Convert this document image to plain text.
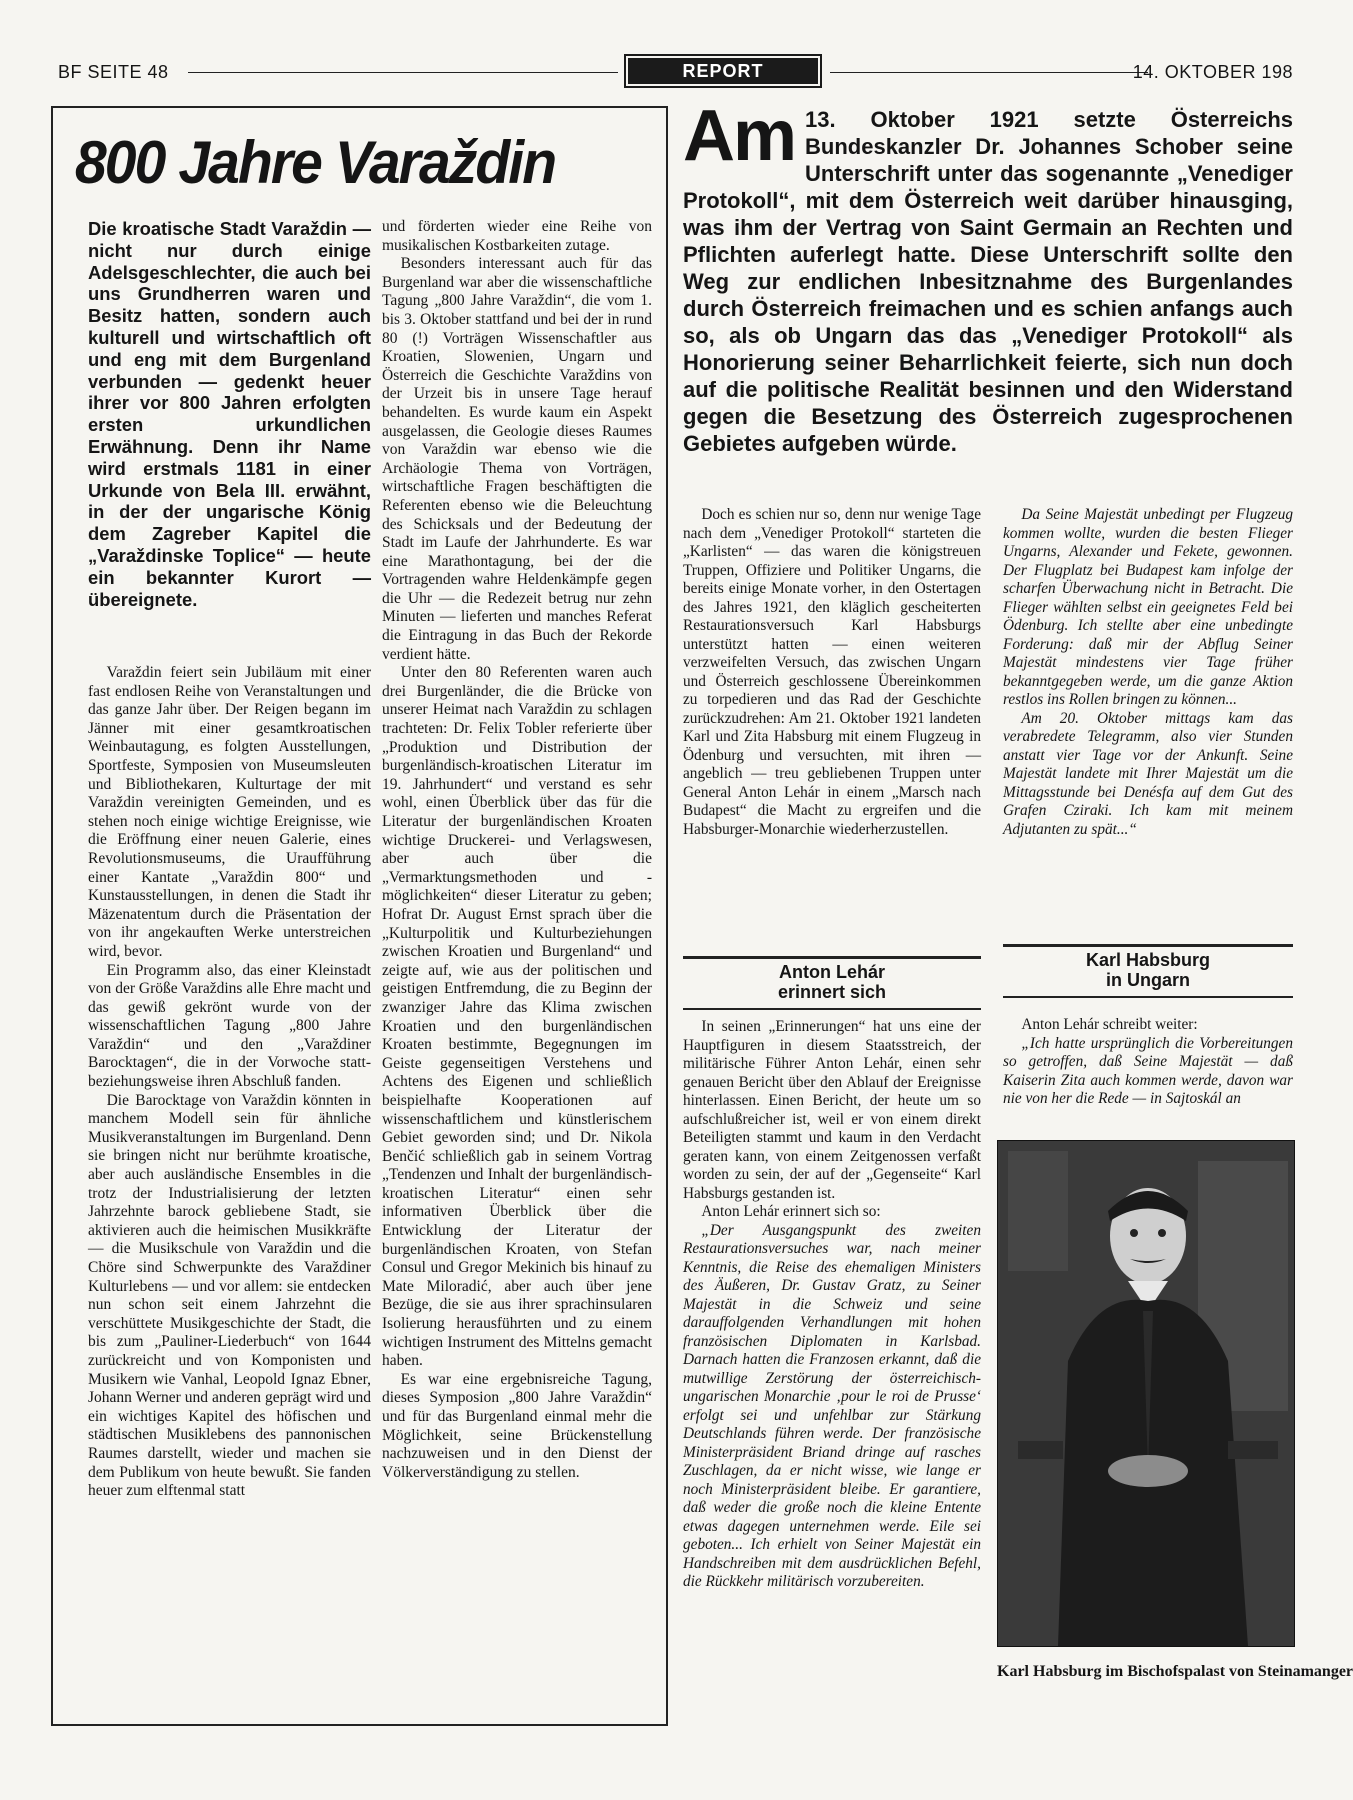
BF SEITE 48	REPORT	14. OKTOBER 198
800 Jahre Varaždin

Die kroatische Stadt Varaždin — nicht nur durch einige Adelsgeschlechter, die auch bei uns Grundherren waren und Besitz hatten, sondern auch kulturell und wirtschaftlich oft und eng mit dem Burgenland verbunden — gedenkt heuer ihrer vor 800 Jahren erfolgten ersten urkundlichen Erwähnung. Denn ihr Name wird erstmals 1181 in einer Urkunde von Bela III. erwähnt, in der der ungarische König dem Zagreber Kapitel die „Varaždinske Toplice“ — heute ein bekannter Kurort — übereignete.

Varaždin feiert sein Jubiläum mit einer fast endlosen Reihe von Veranstaltungen und das ganze Jahr über. Der Reigen begann im Jänner mit einer gesamtkroatischen Weinbautagung, es folgten Ausstellungen, Sportfeste, Symposien von Museumsleuten und Bibliothekaren, Kulturtage der mit Varaždin vereinigten Gemeinden, und es stehen noch einige wichtige Ereignisse, wie die Eröffnung einer neuen Galerie, eines Revolutionsmuseums, die Uraufführung einer Kantate „Varaždin 800“ und Kunstausstellungen, in denen die Stadt ihr Mäzenatentum durch die Präsentation der von ihr angekauften Werke unterstreichen wird, bevor.

Ein Programm also, das einer Kleinstadt von der Größe Varaždins alle Ehre macht und das gewiß gekrönt wurde von der wissenschaftlichen Tagung „800 Jahre Varaždin“ und den „Varaždiner Barocktagen“, die in der Vorwoche statt- beziehungsweise ihren Abschluß fanden.

Die Barocktage von Varaždin könnten in manchem Modell sein für ähnliche Musikveranstaltungen im Burgenland. Denn sie bringen nicht nur berühmte kroatische, aber auch ausländische Ensembles in die trotz der Industrialisierung der letzten Jahrzehnte barock gebliebene Stadt, sie aktivieren auch die heimischen Musikkräfte — die Musikschule von Varaždin und die Chöre sind Schwerpunkte des Varaždiner Kulturlebens — und vor allem: sie entdecken nun schon seit einem Jahrzehnt die verschüttete Musikgeschichte der Stadt, die bis zum „Pauliner-Liederbuch“ von 1644 zurückreicht und von Komponisten und Musikern wie Vanhal, Leopold Ignaz Ebner, Johann Werner und anderen geprägt wird und ein wichtiges Kapitel des höfischen und städtischen Musiklebens des pannonischen Raumes darstellt, wieder und machen sie dem Publikum von heute bewußt. Sie fanden heuer zum elftenmal statt

und förderten wieder eine Reihe von musikalischen Kostbarkeiten zutage.

Besonders interessant auch für das Burgenland war aber die wissenschaftliche Tagung „800 Jahre Varaždin“, die vom 1. bis 3. Oktober stattfand und bei der in rund 80 (!) Vorträgen Wissenschaftler aus Kroatien, Slowenien, Ungarn und Österreich die Geschichte Varaždins von der Urzeit bis in unsere Tage herauf behandelten. Es wurde kaum ein Aspekt ausgelassen, die Geologie dieses Raumes von Varaždin war ebenso wie die Archäologie Thema von Vorträgen, wirtschaftliche Fragen beschäftigten die Referenten ebenso wie die Beleuchtung des Schicksals und der Bedeutung der Stadt im Laufe der Jahrhunderte. Es war eine Marathontagung, bei der die Vortragenden wahre Heldenkämpfe gegen die Uhr — die Redezeit betrug nur zehn Minuten — lieferten und manches Referat die Eintragung in das Buch der Rekorde verdient hätte.

Unter den 80 Referenten waren auch drei Burgenländer, die die Brücke von unserer Heimat nach Varaždin zu schlagen trachteten: Dr. Felix Tobler referierte über „Produktion und Distribution der burgenländisch-kroatischen Literatur im 19. Jahrhundert“ und verstand es sehr wohl, einen Überblick über das für die Literatur der burgenländischen Kroaten wichtige Druckerei- und Verlagswesen, aber auch über die „Vermarktungsmethoden und -möglichkeiten“ dieser Literatur zu geben; Hofrat Dr. August Ernst sprach über die „Kulturpolitik und Kulturbeziehungen zwischen Kroatien und Burgenland“ und zeigte auf, wie aus der politischen und geistigen Entfremdung, die zu Beginn der zwanziger Jahre das Klima zwischen Kroatien und den burgenländischen Kroaten bestimmte, Begegnungen im Geiste gegenseitigen Verstehens und Achtens des Eigenen und schließlich beispielhafte Kooperationen auf wissenschaftlichem und künstlerischem Gebiet geworden sind; und Dr. Nikola Benčić schließlich gab in seinem Vortrag „Tendenzen und Inhalt der burgenländisch-kroatischen Literatur“ einen sehr informativen Überblick über die Entwicklung der Literatur der burgenländischen Kroaten, von Stefan Consul und Gregor Mekinich bis hinauf zu Mate Miloradić, aber auch über jene Bezüge, die sie aus ihrer sprachinsularen Isolierung herausführten und zu einem wichtigen Instrument des Mittelns gemacht haben.

Es war eine ergebnisreiche Tagung, dieses Symposion „800 Jahre Varaždin“ und für das Burgenland einmal mehr die Möglichkeit, seine Brückenstellung nachzuweisen und in den Dienst der Völkerverständigung zu stellen.

Am 13. Oktober 1921 setzte Österreichs Bundeskanzler Dr. Johannes Schober seine Unterschrift unter das sogenannte „Venediger Protokoll“, mit dem Österreich weit darüber hinausging, was ihm der Vertrag von Saint Germain an Rechten und Pflichten auferlegt hatte. Diese Unterschrift sollte den Weg zur endlichen Inbesitznahme des Burgenlandes durch Österreich freimachen und es schien anfangs auch so, als ob Ungarn das das „Venediger Protokoll“ als Honorierung seiner Beharrlichkeit feierte, sich nun doch auf die politische Realität besinnen und den Widerstand gegen die Besetzung des Österreich zugesprochenen Gebietes aufgeben würde.

Doch es schien nur so, denn nur wenige Tage nach dem „Venediger Protokoll“ starteten die „Karlisten“ — das waren die königstreuen Truppen, Offiziere und Politiker Ungarns, die bereits einige Monate vorher, in den Ostertagen des Jahres 1921, den kläglich gescheiterten Restaurationsversuch Karl Habsburgs unterstützt hatten — einen weiteren verzweifelten Versuch, das zwischen Ungarn und Österreich geschlossene Übereinkommen zu torpedieren und das Rad der Geschichte zurückzudrehen: Am 21. Oktober 1921 landeten Karl und Zita Habsburg mit einem Flugzeug in Ödenburg und versuchten, mit ihren — angeblich — treu gebliebenen Truppen unter General Anton Lehár in einem „Marsch nach Budapest“ die Macht zu ergreifen und die Habsburger-Monarchie wiederherzustellen.

Anton Lehár
erinnert sich

In seinen „Erinnerungen“ hat uns eine der Hauptfiguren in diesem Staatsstreich, der militärische Führer Anton Lehár, einen sehr genauen Bericht über den Ablauf der Ereignisse hinterlassen. Einen Bericht, der heute um so aufschlußreicher ist, weil er von einem direkt Beteiligten stammt und kaum in den Verdacht geraten kann, von einem Zeitgenossen verfaßt worden zu sein, der auf der „Gegenseite“ Karl Habsburgs gestanden ist.

Anton Lehár erinnert sich so:

„Der Ausgangspunkt des zweiten Restaurationsversuches war, nach meiner Kenntnis, die Reise des ehemaligen Ministers des Äußeren, Dr. Gustav Gratz, zu Seiner Majestät in die Schweiz und seine darauffolgenden Verhandlungen mit hohen französischen Diplomaten in Karlsbad. Darnach hatten die Franzosen erkannt, daß die mutwillige Zerstörung der österreichisch-ungarischen Monarchie ‚pour le roi de Prusse‘ erfolgt sei und unfehlbar zur Stärkung Deutschlands führen werde. Der französische Ministerpräsident Briand dringe auf rasches Zuschlagen, da er nicht wisse, wie lange er noch Ministerpräsident bleibe. Er garantiere, daß weder die große noch die kleine Entente etwas dagegen unternehmen werde. Eile sei geboten... Ich erhielt von Seiner Majestät ein Handschreiben mit dem ausdrücklichen Befehl, die Rückkehr militärisch vorzubereiten.

Da Seine Majestät unbedingt per Flugzeug kommen wollte, wurden die besten Flieger Ungarns, Alexander und Fekete, gewonnen. Der Flugplatz bei Budapest kam infolge der scharfen Überwachung nicht in Betracht. Die Flieger wählten selbst ein geeignetes Feld bei Ödenburg. Ich stellte aber eine unbedingte Forderung: daß mir der Abflug Seiner Majestät mindestens vier Tage früher bekanntgegeben werde, um die ganze Aktion restlos ins Rollen bringen zu können...

Am 20. Oktober mittags kam das verabredete Telegramm, also vier Stunden anstatt vier Tage vor der Ankunft. Seine Majestät landete mit Ihrer Majestät um die Mittagsstunde bei Denésfa auf dem Gut des Grafen Cziraki. Ich kam mit meinem Adjutanten zu spät...“

Karl Habsburg
in Ungarn

Anton Lehár schreibt weiter:

„Ich hatte ursprünglich die Vorbereitungen so getroffen, daß Seine Majestät — daß Kaiserin Zita auch kommen werde, davon war nie von her die Rede — in Sajtoskál an

Karl Habsburg im Bischofspalast von Steinamanger
